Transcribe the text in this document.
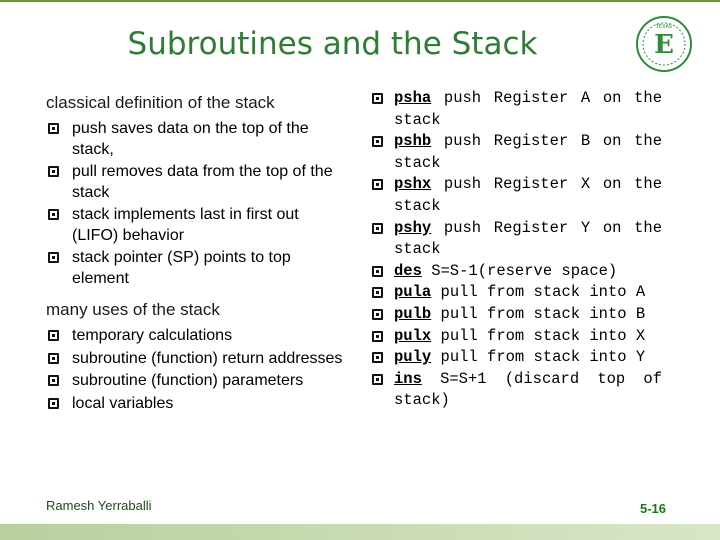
Subroutines and the Stack	E
TEXAS

classical definition of the stack

push saves data on the top of the stack,
pull removes data from the top of the stack
stack implements last in first out (LIFO) behavior
stack pointer (SP) points to top element

many uses of the stack

temporary calculations
subroutine (function) return addresses
subroutine (function) parameters
local variables
psha push Register A on the stack
pshb push Register B on the stack
pshx push Register X on the stack
pshy push Register Y on the stack
des S=S-1(reserve space)
pula pull from stack into A
pulb pull from stack into B
pulx pull from stack into X
puly pull from stack into Y
ins S=S+1 (discard top of stack)
Ramesh Yerraballi	5-16
